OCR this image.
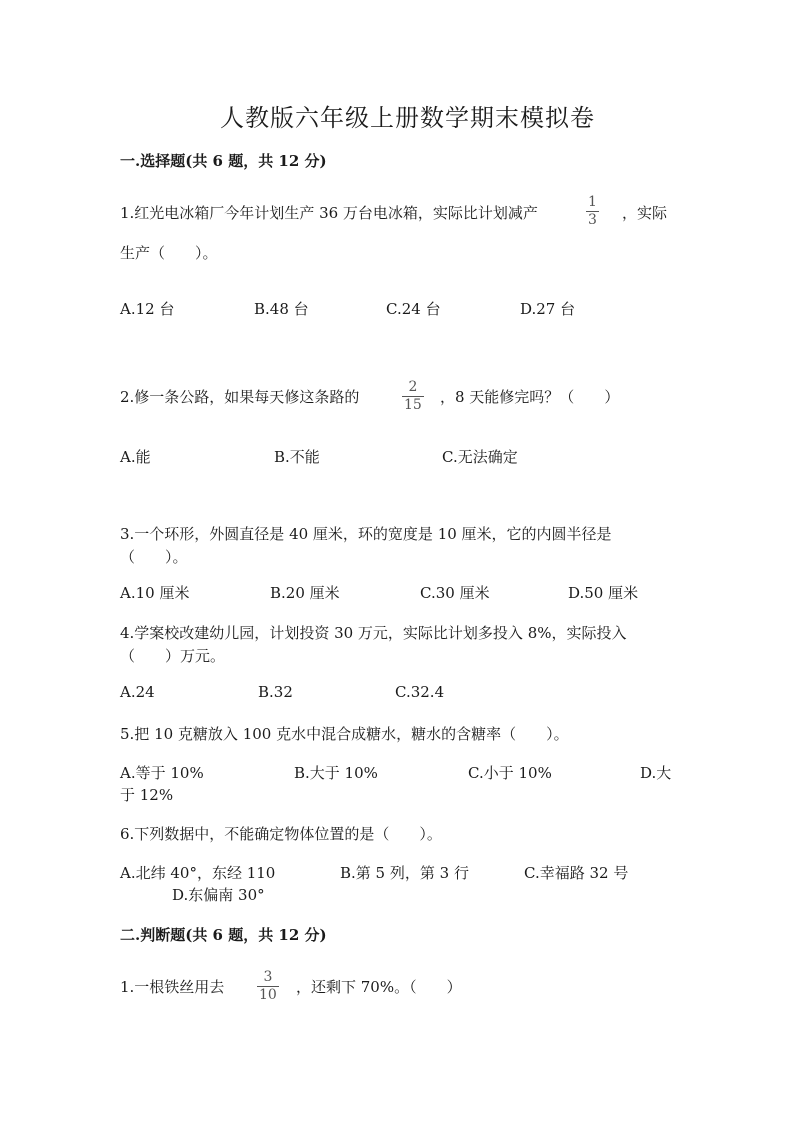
人教版六年级上册数学期末模拟卷
一.选择题(共 6 题，共 12 分)
1.红光电冰箱厂今年计划生产 36 万台电冰箱，实际比计划减产
1
3 ，实际
生产（　　）。
A.12 台	B.48 台	C.24 台	D.27 台
2.修一条公路，如果每天修这条路的
2
15 ，8 天能修完吗？（　　）
A.能	B.不能	C.无法确定
3.一个环形，外圆直径是 40 厘米，环的宽度是 10 厘米，它的内圆半径是
（　　）。
A.10 厘米	B.20 厘米	C.30 厘米	D.50 厘米
4.学案校改建幼儿园，计划投资 30 万元，实际比计划多投入 8%，实际投入
（　　）万元。
A.24	B.32	C.32.4
5.把 10 克糖放入 100 克水中混合成糖水，糖水的含糖率（　　）。
A.等于 10%	B.大于 10%	C.小于 10%	D.大
于 12%
6.下列数据中，不能确定物体位置的是（　　）。
A.北纬 40°，东经 110	B.第 5 列，第 3 行	C.幸福路 32 号
D.东偏南 30°
二.判断题(共 6 题，共 12 分)
1.一根铁丝用去
3
10 ，还剩下 70%。（　　）
